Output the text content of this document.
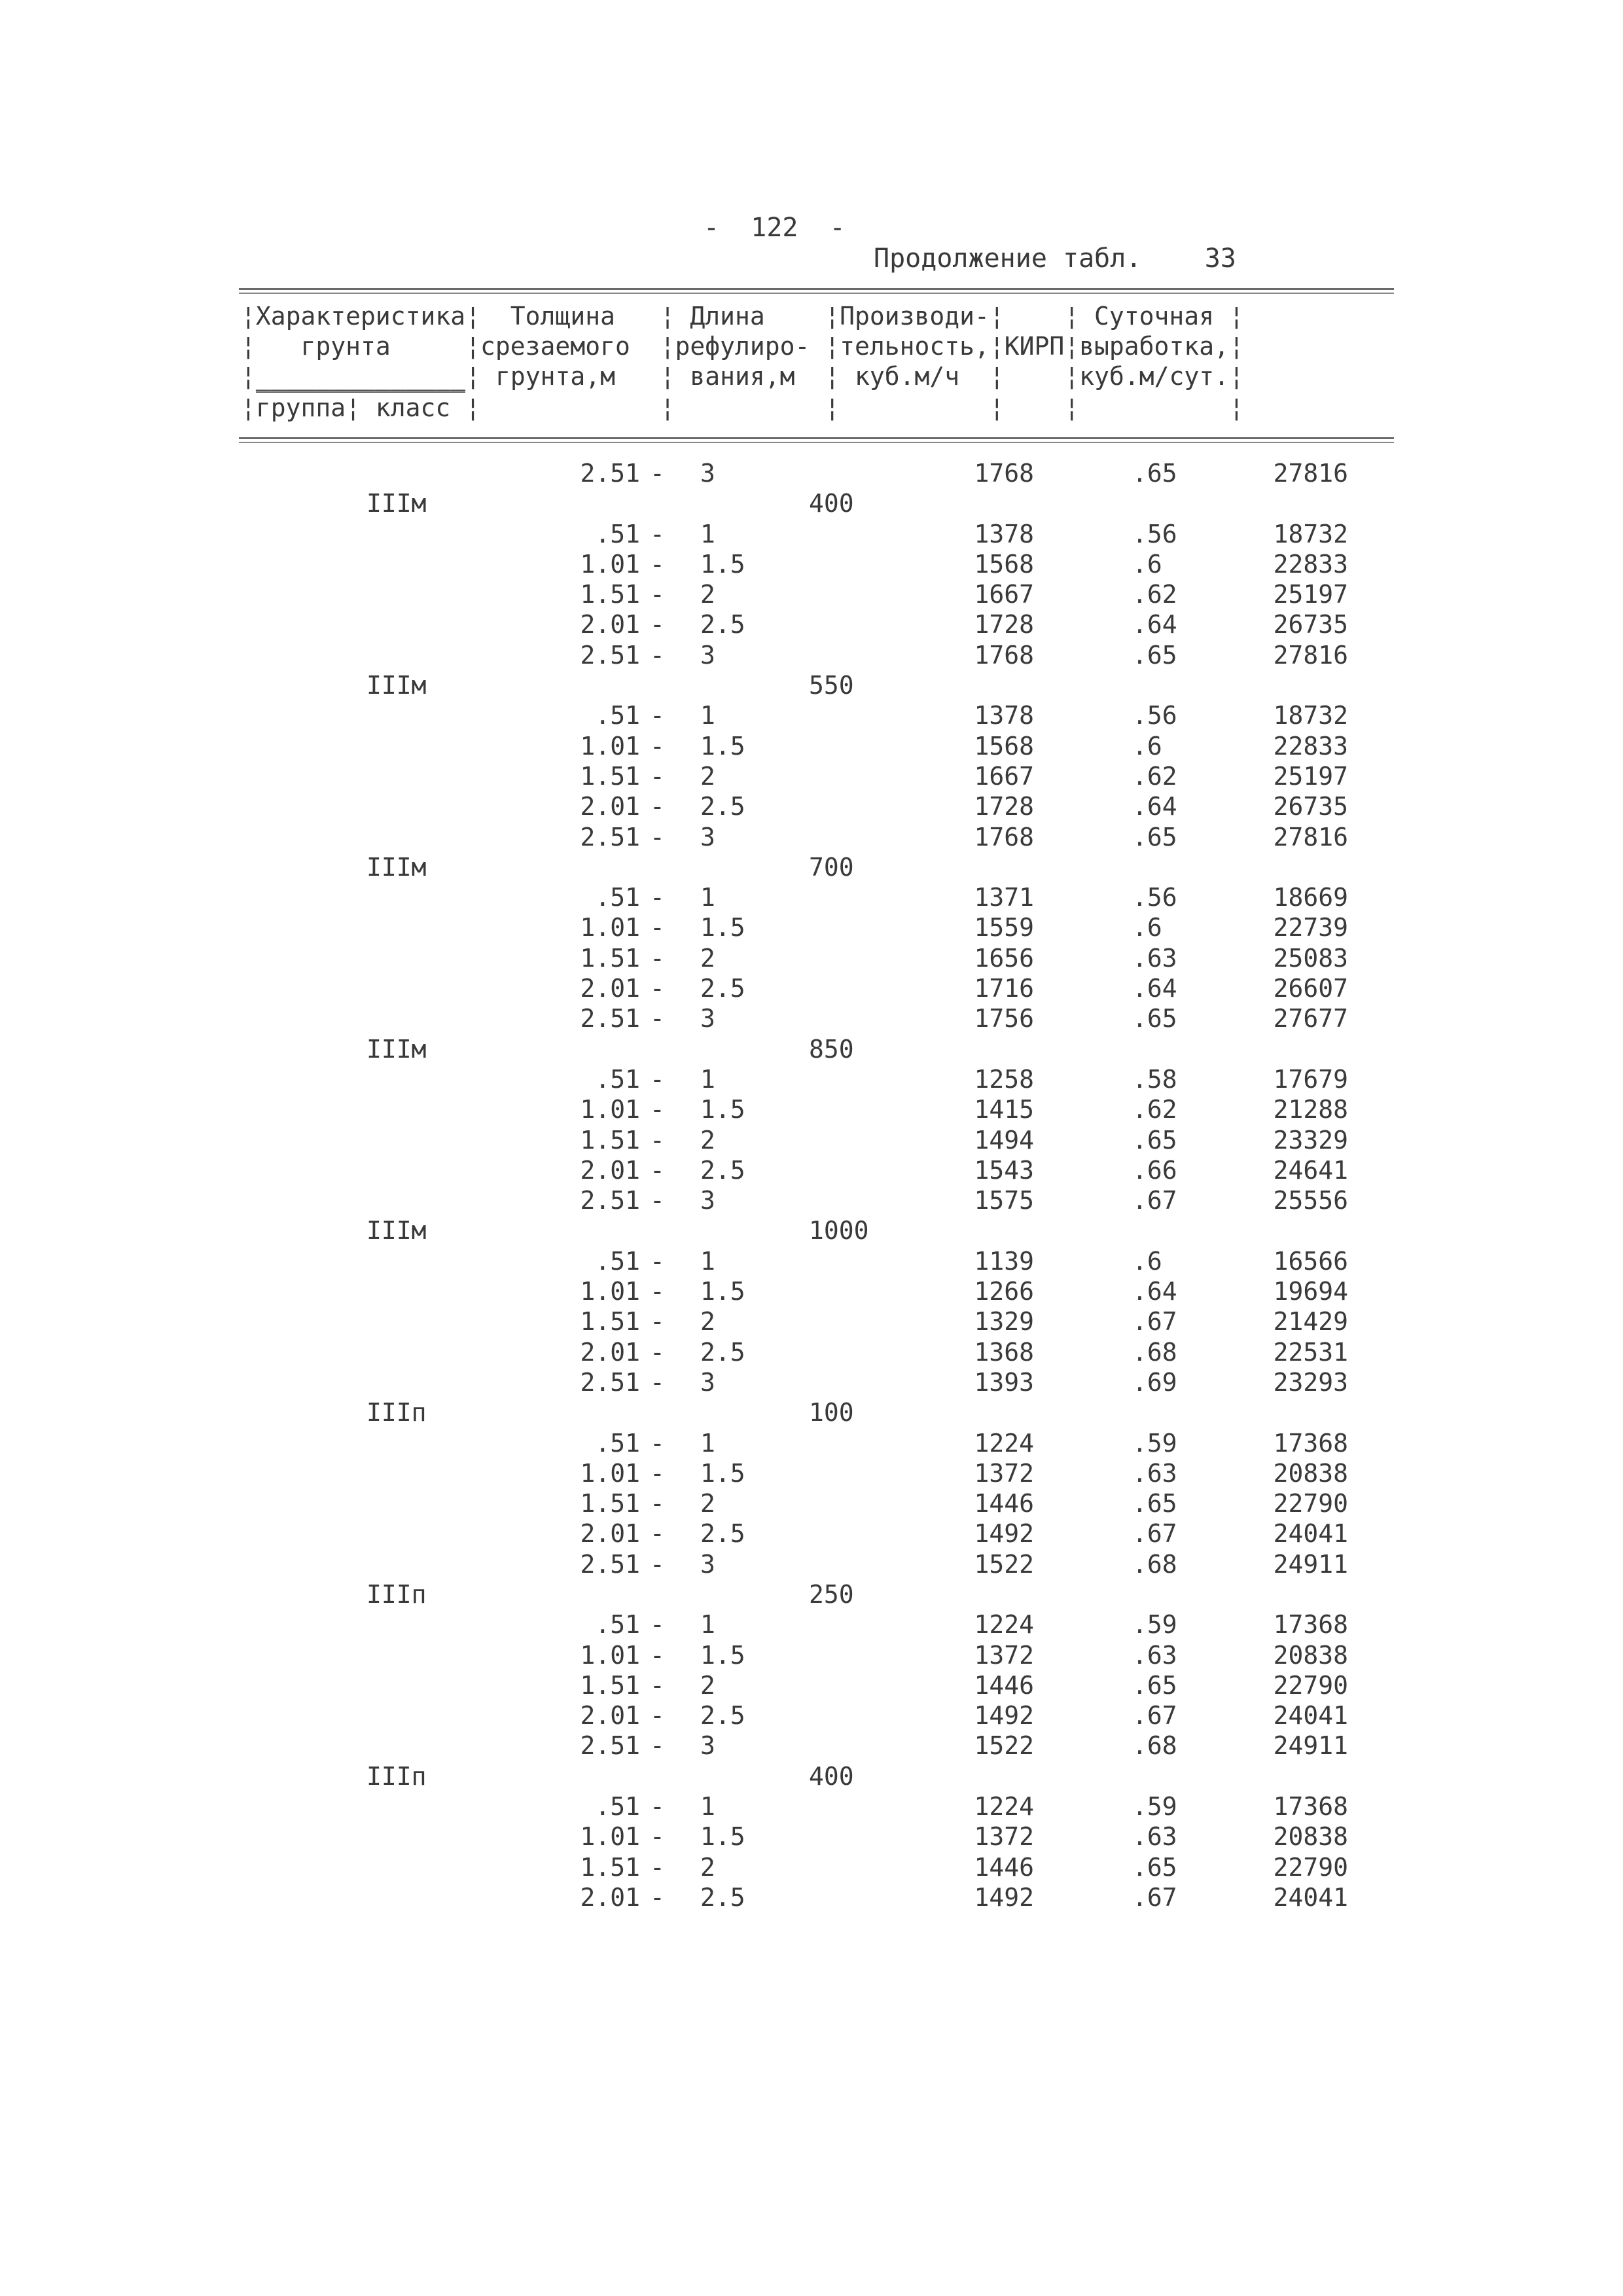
-  122  -
Продолжение табл.    33
¦Характеристика¦  Толщина   ¦ Длина    ¦Производи-¦    ¦ Суточная ¦
¦   грунта     ¦срезаемого  ¦рефулиро- ¦тельность,¦КИРП¦выработка,¦
¦______________¦ грунта,м   ¦ вания,м  ¦ куб.м/ч  ¦    ¦куб.м/сут.¦
¦группа¦ класс ¦            ¦          ¦          ¦    ¦          ¦
2.51 - 3	1768	.65	27816
IIIм	400
.51 - 1	1378	.56	18732
1.01 - 1.5	1568	.6	22833
1.51 - 2	1667	.62	25197
2.01 - 2.5	1728	.64	26735
2.51 - 3	1768	.65	27816
IIIм	550
.51 - 1	1378	.56	18732
1.01 - 1.5	1568	.6	22833
1.51 - 2	1667	.62	25197
2.01 - 2.5	1728	.64	26735
2.51 - 3	1768	.65	27816
IIIм	700
.51 - 1	1371	.56	18669
1.01 - 1.5	1559	.6	22739
1.51 - 2	1656	.63	25083
2.01 - 2.5	1716	.64	26607
2.51 - 3	1756	.65	27677
IIIм	850
.51 - 1	1258	.58	17679
1.01 - 1.5	1415	.62	21288
1.51 - 2	1494	.65	23329
2.01 - 2.5	1543	.66	24641
2.51 - 3	1575	.67	25556
IIIм	1000
.51 - 1	1139	.6	16566
1.01 - 1.5	1266	.64	19694
1.51 - 2	1329	.67	21429
2.01 - 2.5	1368	.68	22531
2.51 - 3	1393	.69	23293
IIIп	100
.51 - 1	1224	.59	17368
1.01 - 1.5	1372	.63	20838
1.51 - 2	1446	.65	22790
2.01 - 2.5	1492	.67	24041
2.51 - 3	1522	.68	24911
IIIп	250
.51 - 1	1224	.59	17368
1.01 - 1.5	1372	.63	20838
1.51 - 2	1446	.65	22790
2.01 - 2.5	1492	.67	24041
2.51 - 3	1522	.68	24911
IIIп	400
.51 - 1	1224	.59	17368
1.01 - 1.5	1372	.63	20838
1.51 - 2	1446	.65	22790
2.01 - 2.5	1492	.67	24041
